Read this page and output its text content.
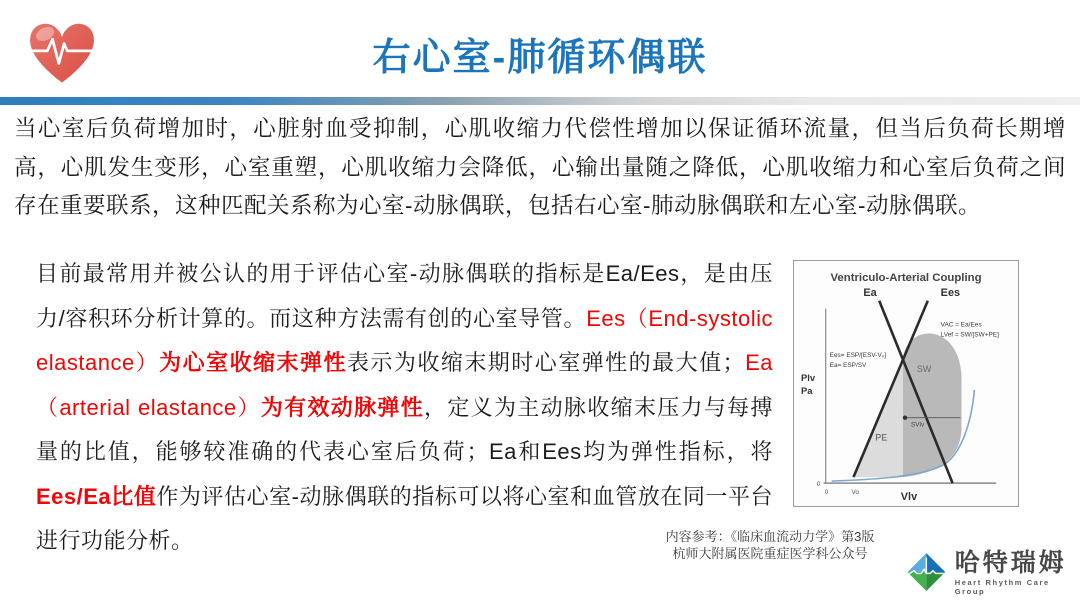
右心室-肺循环偶联
当心室后负荷增加时，心脏射血受抑制，心肌收缩力代偿性增加以保证循环流量，但当后负荷长期增高，心肌发生变形，心室重塑，心肌收缩力会降低，心输出量随之降低，心肌收缩力和心室后负荷之间存在重要联系，这种匹配关系称为心室-动脉偶联，包括右心室-肺动脉偶联和左心室-动脉偶联。
目前最常用并被公认的用于评估心室-动脉偶联的指标是Ea/Ees，是由压力/容积环分析计算的。而这种方法需有创的心室导管。Ees（End-systolic elastance）为心室收缩末弹性表示为收缩末期时心室弹性的最大值；Ea（arterial elastance）为有效动脉弹性，定义为主动脉收缩末压力与每搏量的比值，能够较准确的代表心室后负荷；Ea和Ees均为弹性指标，将Ees/Ea比值作为评估心室-动脉偶联的指标可以将心室和血管放在同一平台进行功能分析。
Ventriculo-Arterial Coupling
Ea	Ees
VAC = Ea/Ees
LVef = SW/[SW+PE]
Ees= ESP/[ESV-V₀]
Ea= ESP/SV
Plv
Pa
PE
SW
SVlv
0
0	Vo	Vlv
内容参考：《临床血流动力学》第3版
杭师大附属医院重症医学科公众号	哈特瑞姆
Heart Rhythm Care Group
